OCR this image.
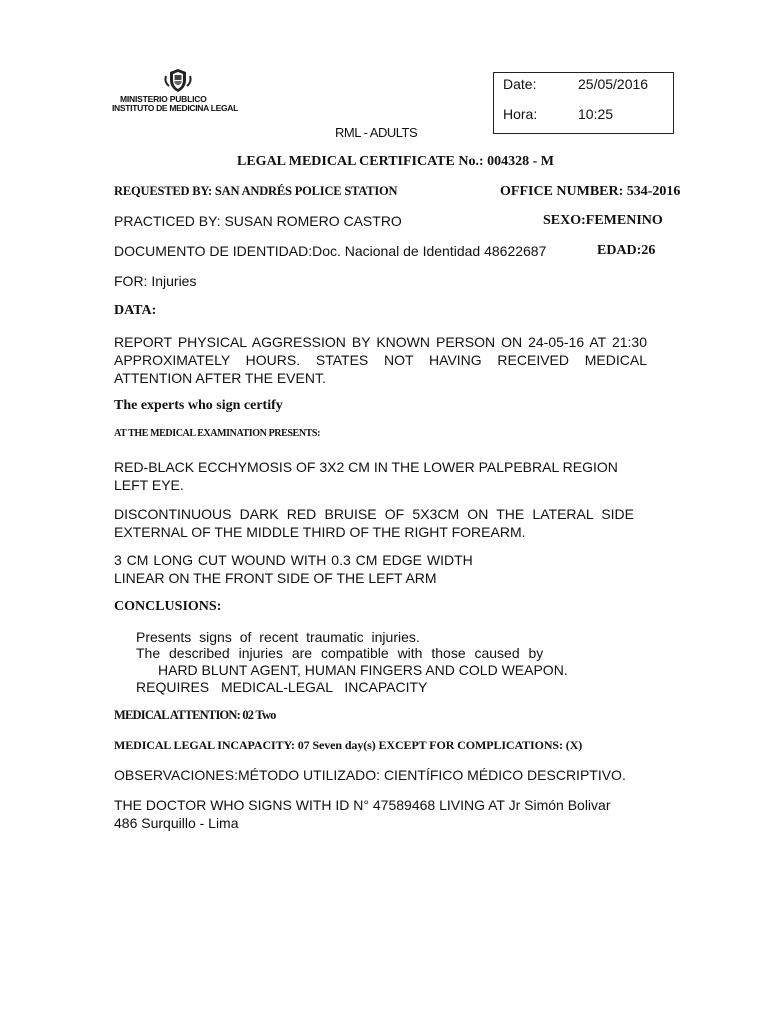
MINISTERIO PUBLICO
INSTITUTO DE MEDICINA LEGAL
Date:	25/05/2016
Hora:	10:25
RML - ADULTS
LEGAL MEDICAL CERTIFICATE No.: 004328 - M
REQUESTED BY: SAN ANDRÉS POLICE STATION	OFFICE NUMBER: 534-2016
PRACTICED BY: SUSAN ROMERO CASTRO	SEXO:FEMENINO
DOCUMENTO DE IDENTIDAD:Doc. Nacional de Identidad 48622687	EDAD:26
FOR: Injuries
DATA:
REPORT PHYSICAL AGGRESSION BY KNOWN PERSON ON 24-05-16 AT 21:30 APPROXIMATELY HOURS. STATES NOT HAVING RECEIVED MEDICAL ATTENTION AFTER THE EVENT.
The experts who sign certify
AT THE MEDICAL EXAMINATION PRESENTS:
RED-BLACK ECCHYMOSIS OF 3X2 CM IN THE LOWER PALPEBRAL REGION LEFT EYE.
DISCONTINUOUS DARK RED BRUISE OF 5X3CM ON THE LATERAL SIDE EXTERNAL OF THE MIDDLE THIRD OF THE RIGHT FOREARM.
3 CM LONG CUT WOUND WITH 0.3 CM EDGE WIDTH
LINEAR ON THE FRONT SIDE OF THE LEFT ARM
CONCLUSIONS:
Presents signs of recent traumatic injuries.
The described injuries are compatible with those caused by
HARD BLUNT AGENT, HUMAN FINGERS AND COLD WEAPON.
REQUIRES MEDICAL-LEGAL INCAPACITY
MEDICAL ATTENTION: 02 Two
MEDICAL LEGAL INCAPACITY: 07 Seven day(s) EXCEPT FOR COMPLICATIONS: (X)
OBSERVACIONES:MÉTODO UTILIZADO: CIENTÍFICO MÉDICO DESCRIPTIVO.
THE DOCTOR WHO SIGNS WITH ID N° 47589468 LIVING AT Jr Simón Bolivar
486 Surquillo - Lima
